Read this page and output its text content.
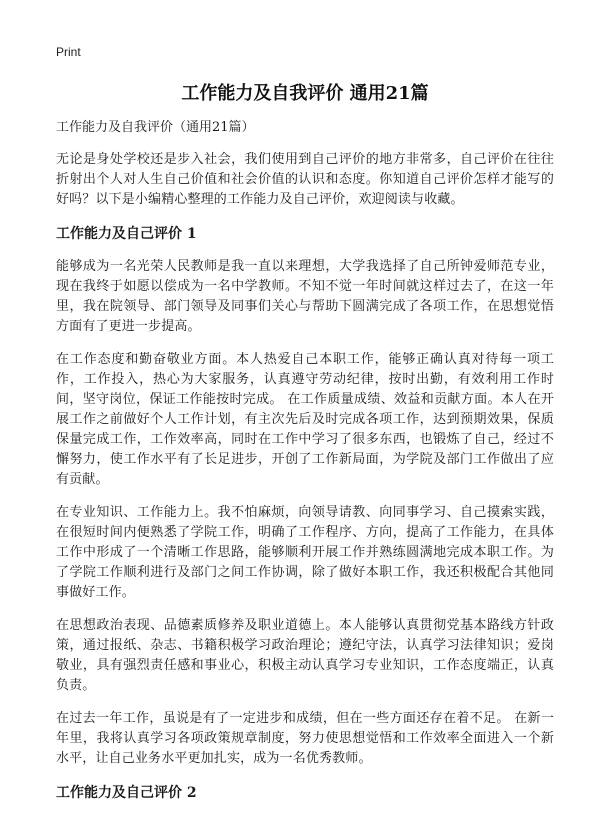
Print
工作能力及自我评价 通用21篇
工作能力及自我评价（通用21篇）

无论是身处学校还是步入社会，我们使用到自己评价的地方非常多，自己评价在往往折射出个人对人生自己价值和社会价值的认识和态度。你知道自己评价怎样才能写的好吗？以下是小编精心整理的工作能力及自己评价，欢迎阅读与收藏。

工作能力及自己评价 1

能够成为一名光荣人民教师是我一直以来理想，大学我选择了自己所钟爱师范专业，现在我终于如愿以偿成为一名中学教师。不知不觉一年时间就这样过去了，在这一年里，我在院领导、部门领导及同事们关心与帮助下圆满完成了各项工作，在思想觉悟方面有了更进一步提高。

在工作态度和勤奋敬业方面。本人热爱自己本职工作，能够正确认真对待每一项工作，工作投入，热心为大家服务，认真遵守劳动纪律，按时出勤，有效利用工作时间，坚守岗位，保证工作能按时完成。 在工作质量成绩、效益和贡献方面。本人在开展工作之前做好个人工作计划，有主次先后及时完成各项工作，达到预期效果，保质保量完成工作，工作效率高，同时在工作中学习了很多东西，也锻炼了自己，经过不懈努力，使工作水平有了长足进步，开创了工作新局面，为学院及部门工作做出了应有贡献。

在专业知识、工作能力上。我不怕麻烦，向领导请教、向同事学习、自己摸索实践，在很短时间内便熟悉了学院工作，明确了工作程序、方向，提高了工作能力，在具体工作中形成了一个清晰工作思路，能够顺利开展工作并熟练圆满地完成本职工作。为了学院工作顺利进行及部门之间工作协调，除了做好本职工作，我还积极配合其他同事做好工作。

在思想政治表现、品德素质修养及职业道德上。本人能够认真贯彻党基本路线方针政策，通过报纸、杂志、书籍积极学习政治理论；遵纪守法，认真学习法律知识；爱岗敬业，具有强烈责任感和事业心，积极主动认真学习专业知识，工作态度端正，认真负责。

在过去一年工作，虽说是有了一定进步和成绩，但在一些方面还存在着不足。 在新一年里，我将认真学习各项政策规章制度，努力使思想觉悟和工作效率全面进入一个新水平，让自己业务水平更加扎实，成为一名优秀教师。

工作能力及自己评价 2
